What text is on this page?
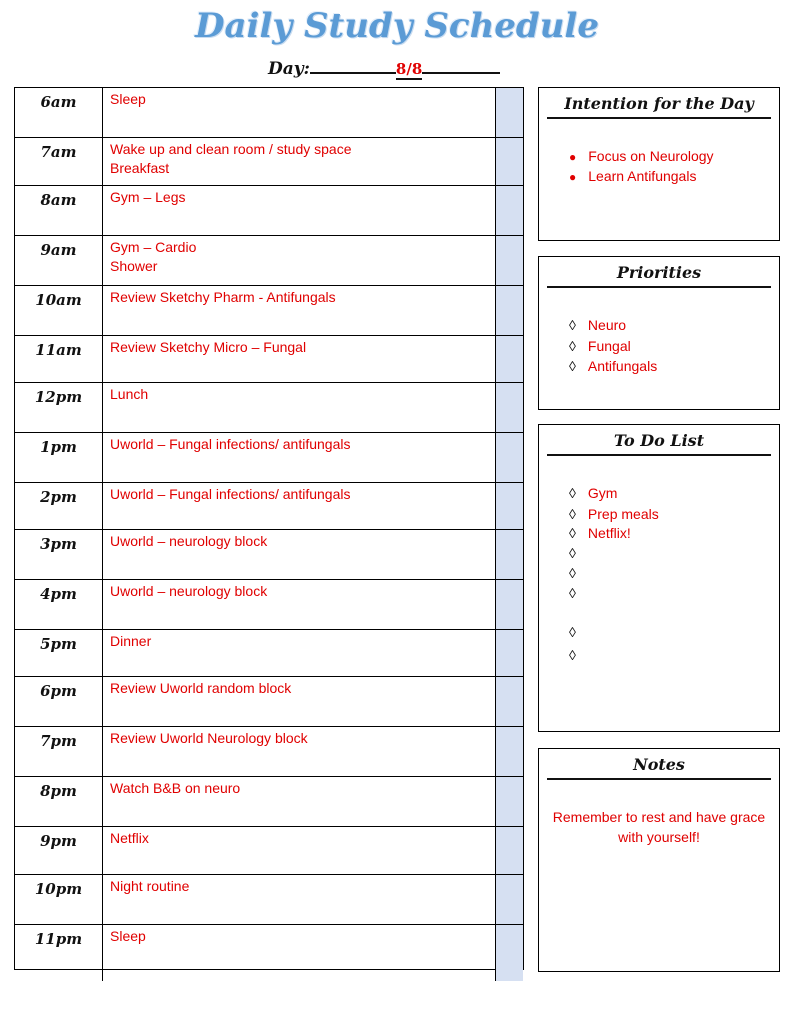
Daily Study Schedule
Day:	8/8
6am	Sleep
7am	Wake up and clean room / study space
Breakfast
8am	Gym – Legs
9am	Gym – Cardio
Shower
10am	Review Sketchy Pharm - Antifungals
11am	Review Sketchy Micro – Fungal
12pm	Lunch
1pm	Uworld – Fungal infections/ antifungals
2pm	Uworld – Fungal infections/ antifungals
3pm	Uworld – neurology block
4pm	Uworld – neurology block
5pm	Dinner
6pm	Review Uworld random block
7pm	Review Uworld Neurology block
8pm	Watch B&B on neuro
9pm	Netflix
10pm	Night routine
11pm	Sleep
Intention for the Day
● Focus on Neurology
● Learn Antifungals
Priorities
◊ Neuro
◊ Fungal
◊ Antifungals
To Do List
◊ Gym
◊ Prep meals
◊ Netflix!
◊
◊
◊
◊
◊
Notes
Remember to rest and have grace
with yourself!
